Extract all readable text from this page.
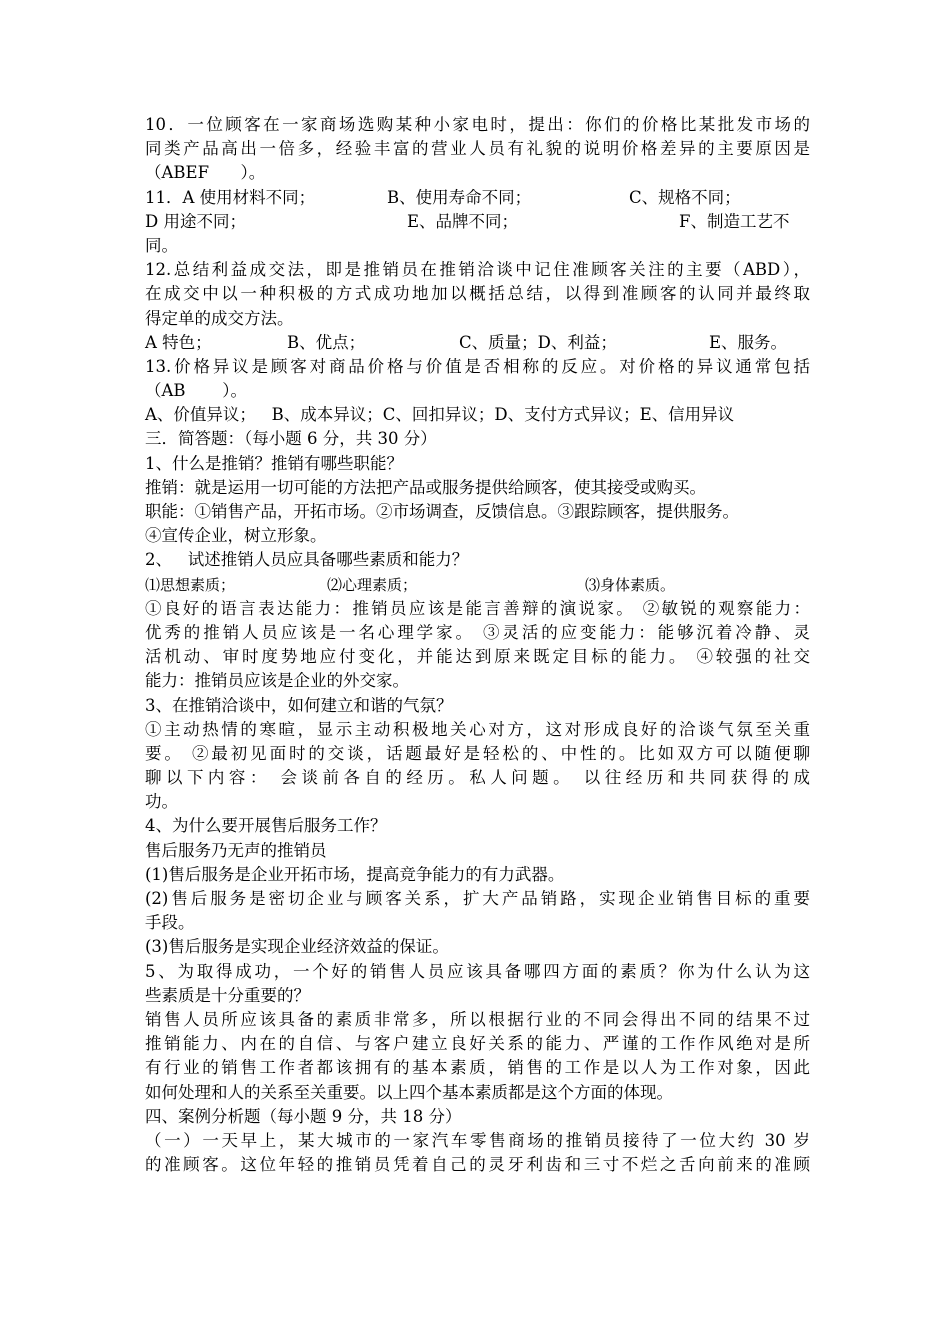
10．一位顾客在一家商场选购某种小家电时，提出：你们的价格比某批发市场的
同类产品高出一倍多，经验丰富的营业人员有礼貌的说明价格差异的主要原因是
（ABEF      ）。
11．A 使用材料不同；	B、使用寿命不同；	C、规格不同；
D 用途不同；	E、品牌不同；	F、制造工艺不
同。
12.总结利益成交法，即是推销员在推销洽谈中记住准顾客关注的主要（ABD），
在成交中以一种积极的方式成功地加以概括总结，以得到准顾客的认同并最终取
得定单的成交方法。
A 特色；	B、优点；	C、质量；D、利益；	E、服务。
13.价格异议是顾客对商品价格与价值是否相称的反应。对价格的异议通常包括
（AB       ）。
A、价值异议；   B、成本异议；C、回扣异议；D、支付方式异议；E、信用异议
三．简答题：（每小题 6 分，共 30 分）
1、什么是推销？推销有哪些职能？
推销：就是运用一切可能的方法把产品或服务提供给顾客，使其接受或购买。
职能：①销售产品，开拓市场。②市场调查，反馈信息。③跟踪顾客，提供服务。
④宣传企业，树立形象。
2、   试述推销人员应具备哪些素质和能力？
⑴思想素质；	⑵心理素质；	⑶身体素质。
①良好的语言表达能力：推销员应该是能言善辩的演说家。 ②敏锐的观察能力：
优秀的推销人员应该是一名心理学家。 ③灵活的应变能力：能够沉着冷静、灵
活机动、审时度势地应付变化，并能达到原来既定目标的能力。 ④较强的社交
能力：推销员应该是企业的外交家。
3、在推销洽谈中，如何建立和谐的气氛？
①主动热情的寒暄，显示主动积极地关心对方，这对形成良好的洽谈气氛至关重
要。 ②最初见面时的交谈，话题最好是轻松的、中性的。比如双方可以随便聊
聊以下内容： 会谈前各自的经历。私人问题。 以往经历和共同获得的成
功。
4、为什么要开展售后服务工作？
售后服务乃无声的推销员
(1)售后服务是企业开拓市场，提高竞争能力的有力武器。
(2)售后服务是密切企业与顾客关系，扩大产品销路，实现企业销售目标的重要
手段。
(3)售后服务是实现企业经济效益的保证。
5、为取得成功，一个好的销售人员应该具备哪四方面的素质？你为什么认为这
些素质是十分重要的？
销售人员所应该具备的素质非常多，所以根据行业的不同会得出不同的结果不过
推销能力、内在的自信、与客户建立良好关系的能力、严谨的工作作风绝对是所
有行业的销售工作者都该拥有的基本素质，销售的工作是以人为工作对象，因此
如何处理和人的关系至关重要。以上四个基本素质都是这个方面的体现。
四、案例分析题（每小题 9 分，共 18 分）
（一）一天早上，某大城市的一家汽车零售商场的推销员接待了一位大约 30 岁
的准顾客。这位年轻的推销员凭着自己的灵牙利齿和三寸不烂之舌向前来的准顾
